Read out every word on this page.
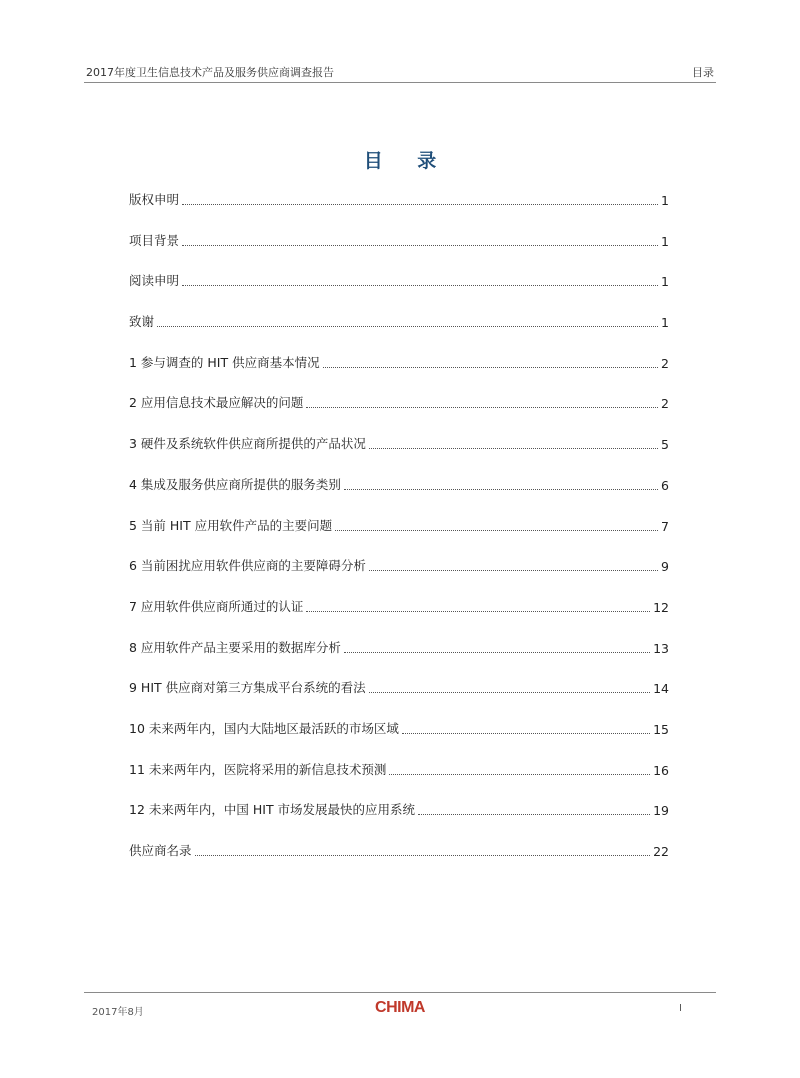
2017年度卫生信息技术产品及服务供应商调查报告	目录
目 录
版权申明	1
项目背景	1
阅读申明	1
致谢	1
1 参与调查的 HIT 供应商基本情况	2
2 应用信息技术最应解决的问题	2
3 硬件及系统软件供应商所提供的产品状况	5
4 集成及服务供应商所提供的服务类别	6
5 当前 HIT 应用软件产品的主要问题	7
6 当前困扰应用软件供应商的主要障碍分析	9
7 应用软件供应商所通过的认证	12
8 应用软件产品主要采用的数据库分析	13
9 HIT 供应商对第三方集成平台系统的看法	14
10 未来两年内，国内大陆地区最活跃的市场区域	15
11 未来两年内，医院将采用的新信息技术预测	16
12 未来两年内，中国 HIT 市场发展最快的应用系统	19
供应商名录	22
2017年8月	CHIMA	I
